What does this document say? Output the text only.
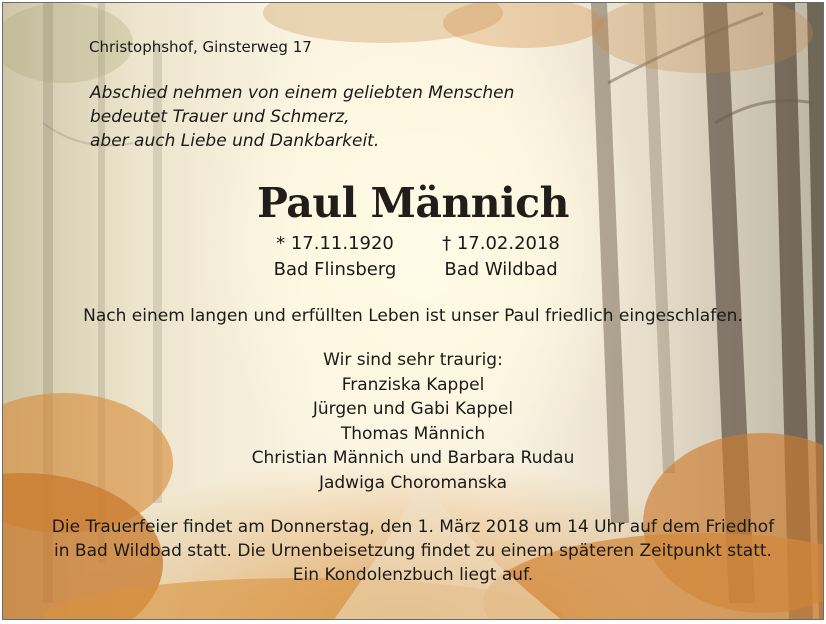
Christophshof, Ginsterweg 17
Abschied nehmen von einem geliebten Menschen
bedeutet Trauer und Schmerz,
aber auch Liebe und Dankbarkeit.
Paul Männich
* 17.11.1920
Bad Flinsberg
† 17.02.2018
Bad Wildbad
Nach einem langen und erfüllten Leben ist unser Paul friedlich eingeschlafen.
Wir sind sehr traurig:
Franziska Kappel
Jürgen und Gabi Kappel
Thomas Männich
Christian Männich und Barbara Rudau
Jadwiga Choromanska
Die Trauerfeier findet am Donnerstag, den 1. März 2018 um 14 Uhr auf dem Friedhof
in Bad Wildbad statt. Die Urnenbeisetzung findet zu einem späteren Zeitpunkt statt.
Ein Kondolenzbuch liegt auf.
